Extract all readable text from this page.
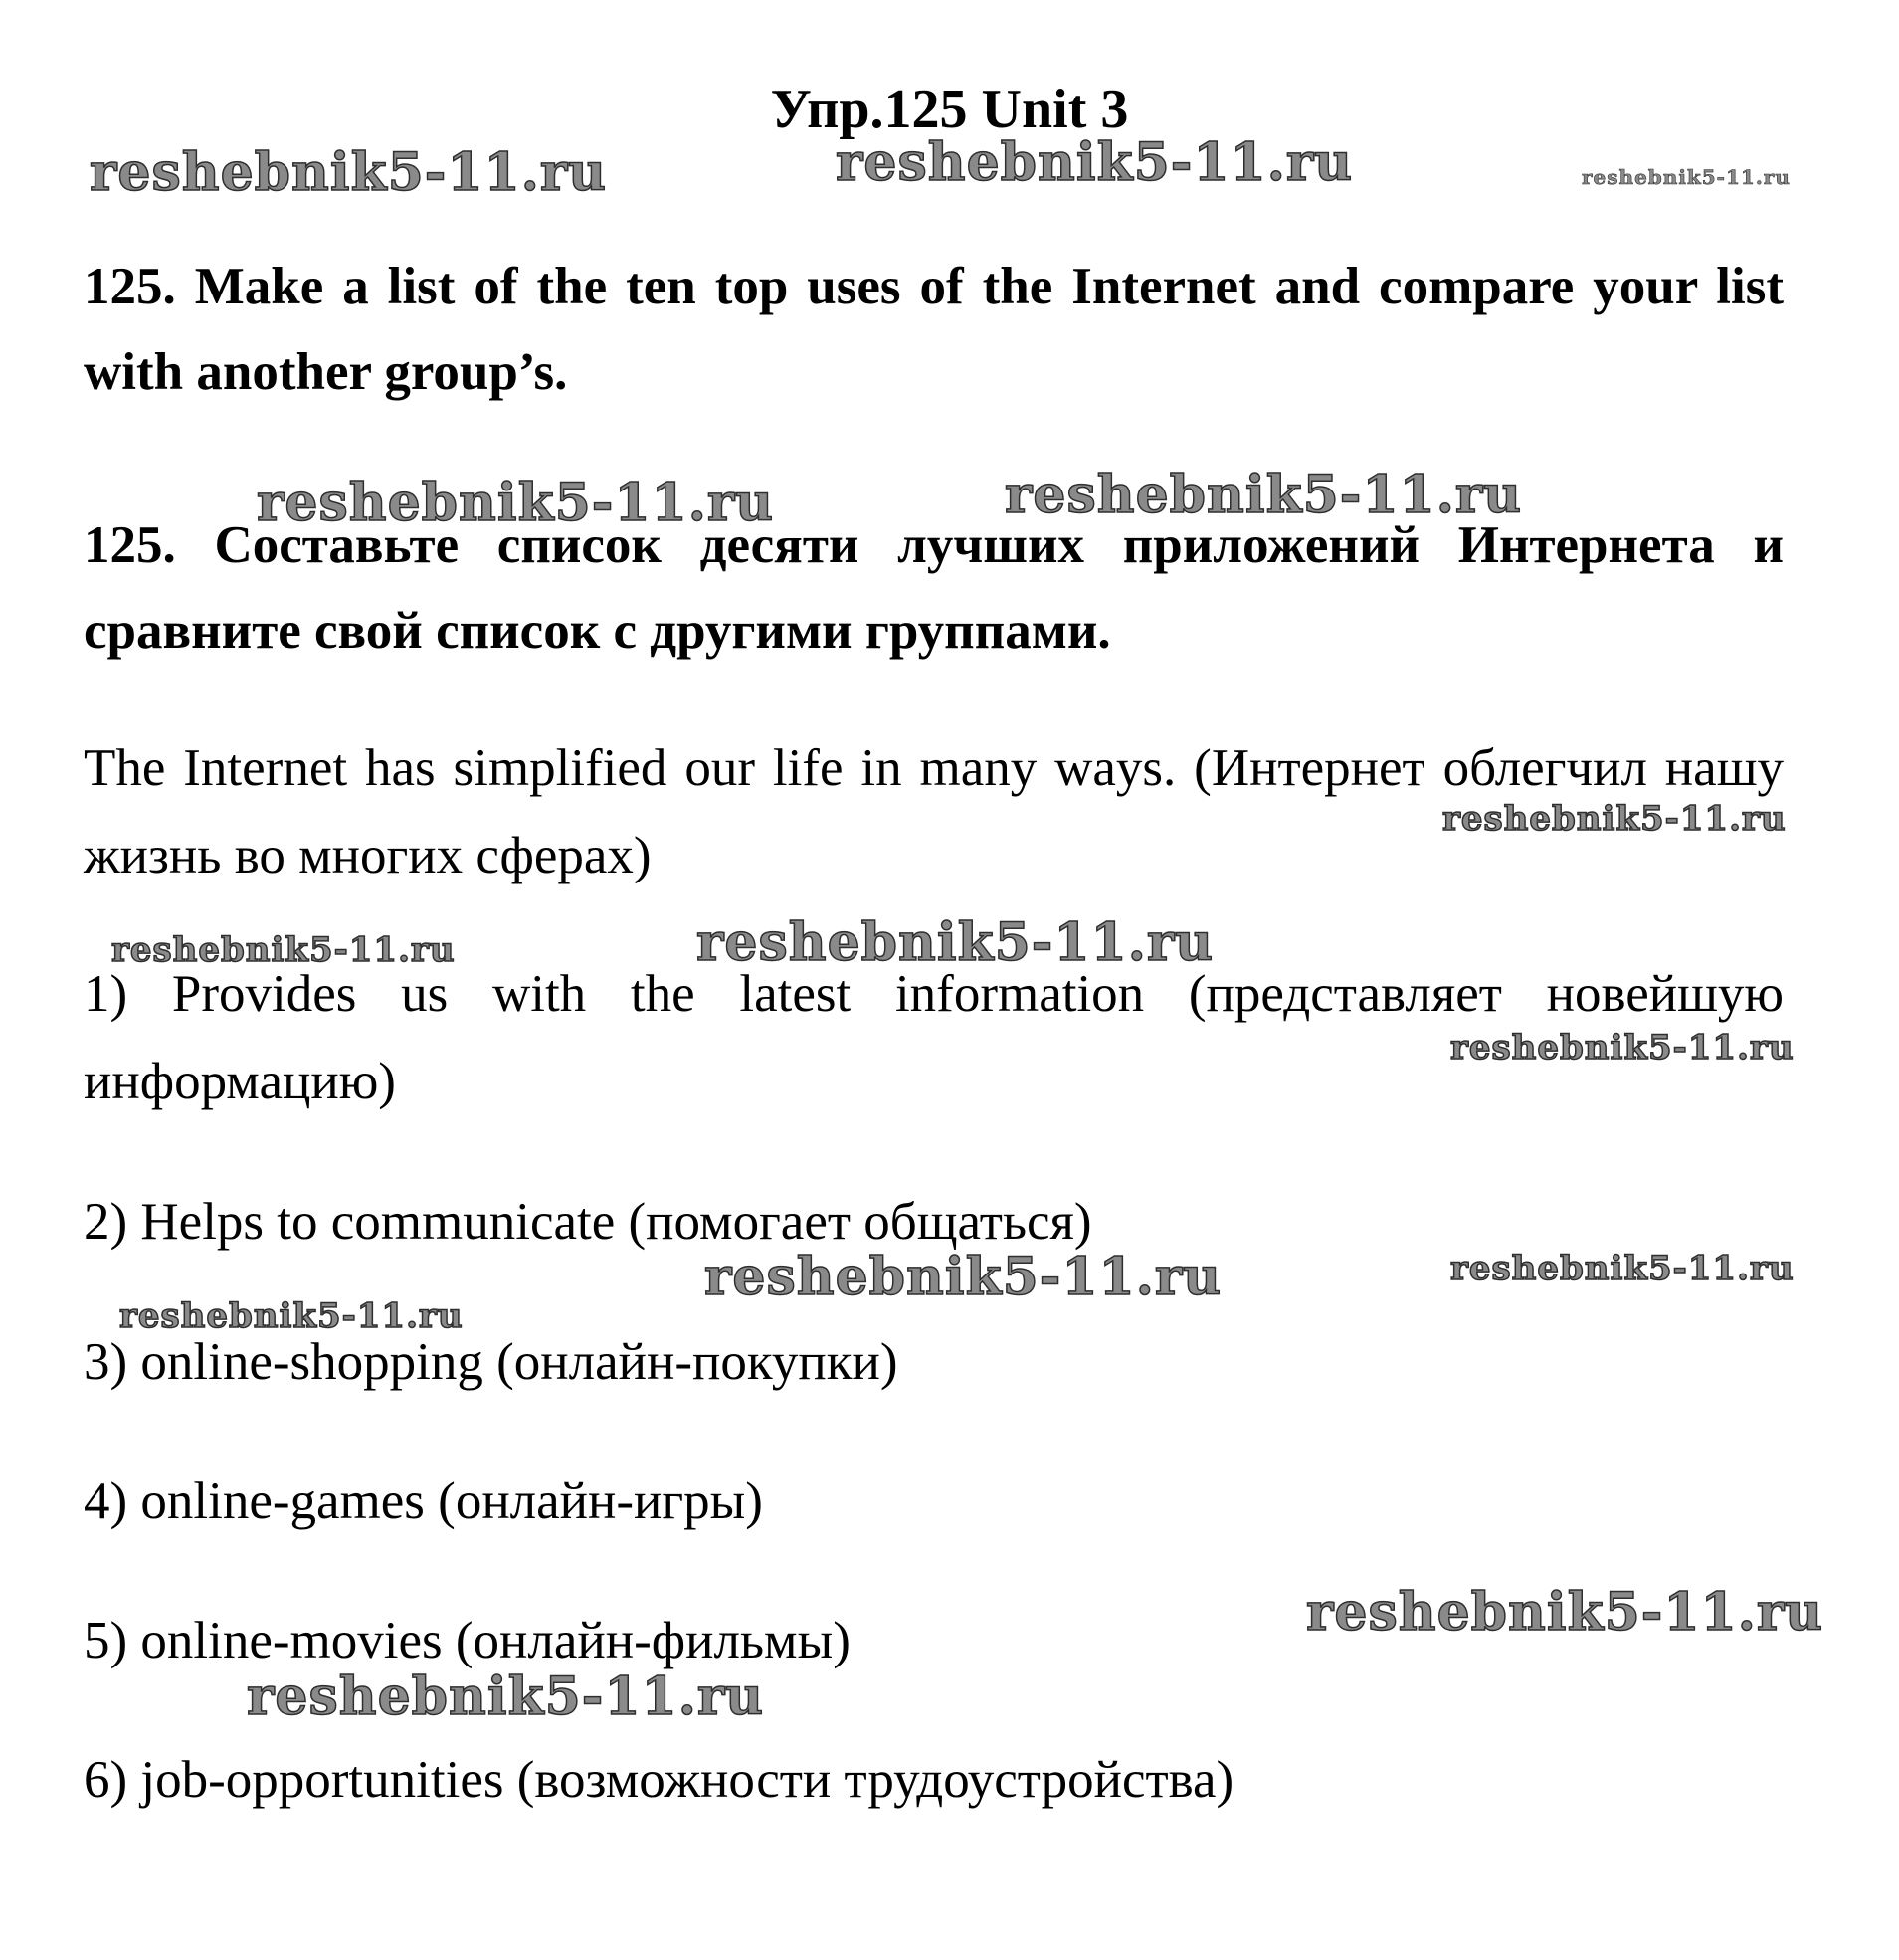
Упр.125 Unit 3

125. Make a list of the ten top uses of the Internet and compare your list with another group’s.

125. Составьте список десяти лучших приложений Интернета и сравните свой список с другими группами.

The Internet has simplified our life in many ways. (Интернет облегчил нашу жизнь во многих сферах)

1) Provides us with the latest information (представляет новейшую информацию)

2) Helps to communicate (помогает общаться)

3) online-shopping (онлайн-покупки)

4) online-games (онлайн-игры)

5) online-movies (онлайн-фильмы)

6) job-opportunities (возможности трудоустройства)

reshebnik5-11.ru	reshebnik5-11.ru	reshebnik5-11.ru
reshebnik5-11.ru	reshebnik5-11.ru
reshebnik5-11.ru
reshebnik5-11.ru	reshebnik5-11.ru
reshebnik5-11.ru
reshebnik5-11.ru	reshebnik5-11.ru
reshebnik5-11.ru
reshebnik5-11.ru
reshebnik5-11.ru
